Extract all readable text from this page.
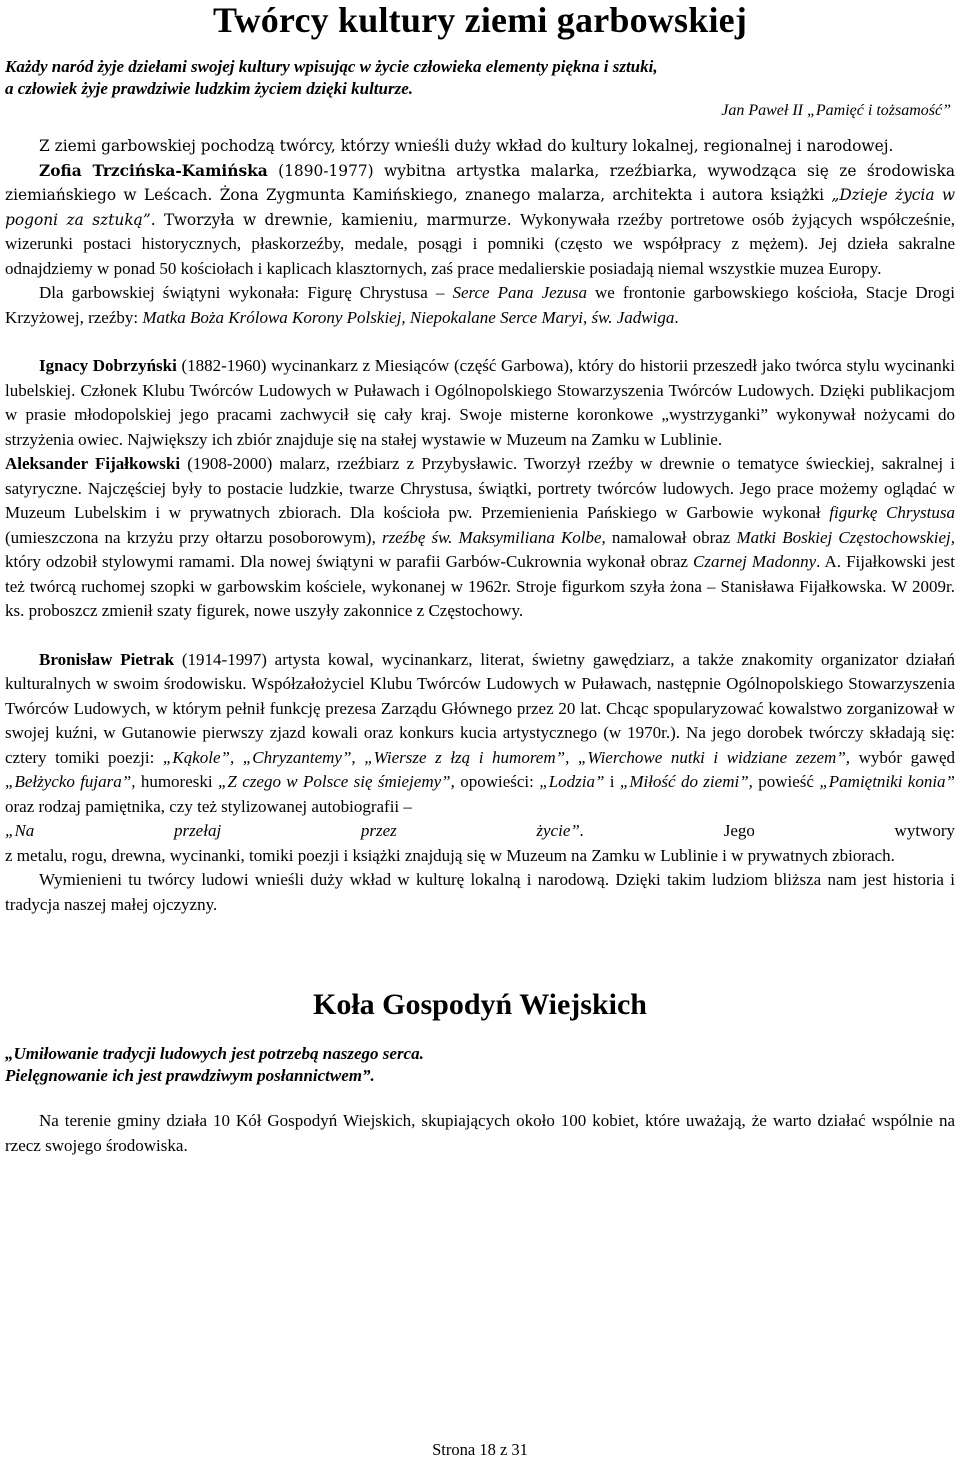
Twórcy kultury ziemi garbowskiej
Każdy naród żyje dziełami swojej kultury wpisując w życie człowieka elementy piękna i sztuki,
a człowiek żyje prawdziwie ludzkim życiem dzięki kulturze.
Jan Paweł II „Pamięć i tożsamość”

Z ziemi garbowskiej pochodzą twórcy, którzy wnieśli duży wkład do kultury lokalnej, regionalnej i narodowej.

Zofia Trzcińska-Kamińska (1890-1977) wybitna artystka malarka, rzeźbiarka, wywodząca się ze środowiska ziemiańskiego w Leścach. Żona Zygmunta Kamińskiego, znanego malarza, architekta i autora książki „Dzieje życia w pogoni za sztuką”. Tworzyła w drewnie, kamieniu, marmurze. Wykonywała rzeźby portretowe osób żyjących współcześnie, wizerunki postaci historycznych, płaskorzeźby, medale, posągi i pomniki (często we współpracy z mężem). Jej dzieła sakralne odnajdziemy w ponad 50 kościołach i kaplicach klasztornych, zaś prace medalierskie posiadają niemal wszystkie muzea Europy.

Dla garbowskiej świątyni wykonała: Figurę Chrystusa – Serce Pana Jezusa we frontonie garbowskiego kościoła, Stacje Drogi Krzyżowej, rzeźby: Matka Boża Królowa Korony Polskiej, Niepokalane Serce Maryi, św. Jadwiga.

Ignacy Dobrzyński (1882-1960) wycinankarz z Miesiąców (część Garbowa), który do historii przeszedł jako twórca stylu wycinanki lubelskiej. Członek Klubu Twórców Ludowych w Puławach i Ogólnopolskiego Stowarzyszenia Twórców Ludowych. Dzięki publikacjom w prasie młodopolskiej jego pracami zachwycił się cały kraj. Swoje misterne koronkowe „wystrzyganki” wykonywał nożycami do strzyżenia owiec. Największy ich zbiór znajduje się na stałej wystawie w Muzeum na Zamku w Lublinie.

Aleksander Fijałkowski (1908-2000) malarz, rzeźbiarz z Przybysławic. Tworzył rzeźby w drewnie o tematyce świeckiej, sakralnej i satyryczne. Najczęściej były to postacie ludzkie, twarze Chrystusa, świątki, portrety twórców ludowych. Jego prace możemy oglądać w Muzeum Lubelskim i w prywatnych zbiorach. Dla kościoła pw. Przemienienia Pańskiego w Garbowie wykonał figurkę Chrystusa (umieszczona na krzyżu przy ołtarzu posoborowym), rzeźbę św. Maksymiliana Kolbe, namalował obraz Matki Boskiej Częstochowskiej, który odzobił stylowymi ramami. Dla nowej świątyni w parafii Garbów-Cukrownia wykonał obraz Czarnej Madonny. A. Fijałkowski jest też twórcą ruchomej szopki w garbowskim kościele, wykonanej w 1962r. Stroje figurkom szyła żona – Stanisława Fijałkowska. W 2009r. ks. proboszcz zmienił szaty figurek, nowe uszyły zakonnice z Częstochowy.

Bronisław Pietrak (1914-1997) artysta kowal, wycinankarz, literat, świetny gawędziarz, a także znakomity organizator działań kulturalnych w swoim środowisku. Współzałożyciel Klubu Twórców Ludowych w Puławach, następnie Ogólnopolskiego Stowarzyszenia Twórców Ludowych, w którym pełnił funkcję prezesa Zarządu Głównego przez 20 lat. Chcąc spopularyzować kowalstwo zorganizował w swojej kuźni, w Gutanowie pierwszy zjazd kowali oraz konkurs kucia artystycznego (w 1970r.). Na jego dorobek twórczy składają się: cztery tomiki poezji: „Kąkole”, „Chryzantemy”, „Wiersze z łzą i humorem”, „Wierchowe nutki i widziane zezem”, wybór gawęd „Bełżycko fujara”, humoreski „Z czego w Polsce się śmiejemy”, opowieści: „Lodzia” i „Miłość do ziemi”, powieść „Pamiętniki konia” oraz rodzaj pamiętnika, czy też stylizowanej autobiografii –

„Na przełaj przez życie”. Jego wytwory

z metalu, rogu, drewna, wycinanki, tomiki poezji i książki znajdują się w Muzeum na Zamku w Lublinie i w prywatnych zbiorach.

Wymienieni tu twórcy ludowi wnieśli duży wkład w kulturę lokalną i narodową. Dzięki takim ludziom bliższa nam jest historia i tradycja naszej małej ojczyzny.

Koła Gospodyń Wiejskich
„Umiłowanie tradycji ludowych jest potrzebą naszego serca.
Pielęgnowanie ich jest prawdziwym posłannictwem”.

Na terenie gminy działa 10 Kół Gospodyń Wiejskich, skupiających około 100 kobiet, które uważają, że warto działać wspólnie na rzecz swojego środowiska.

Strona 18 z 31
